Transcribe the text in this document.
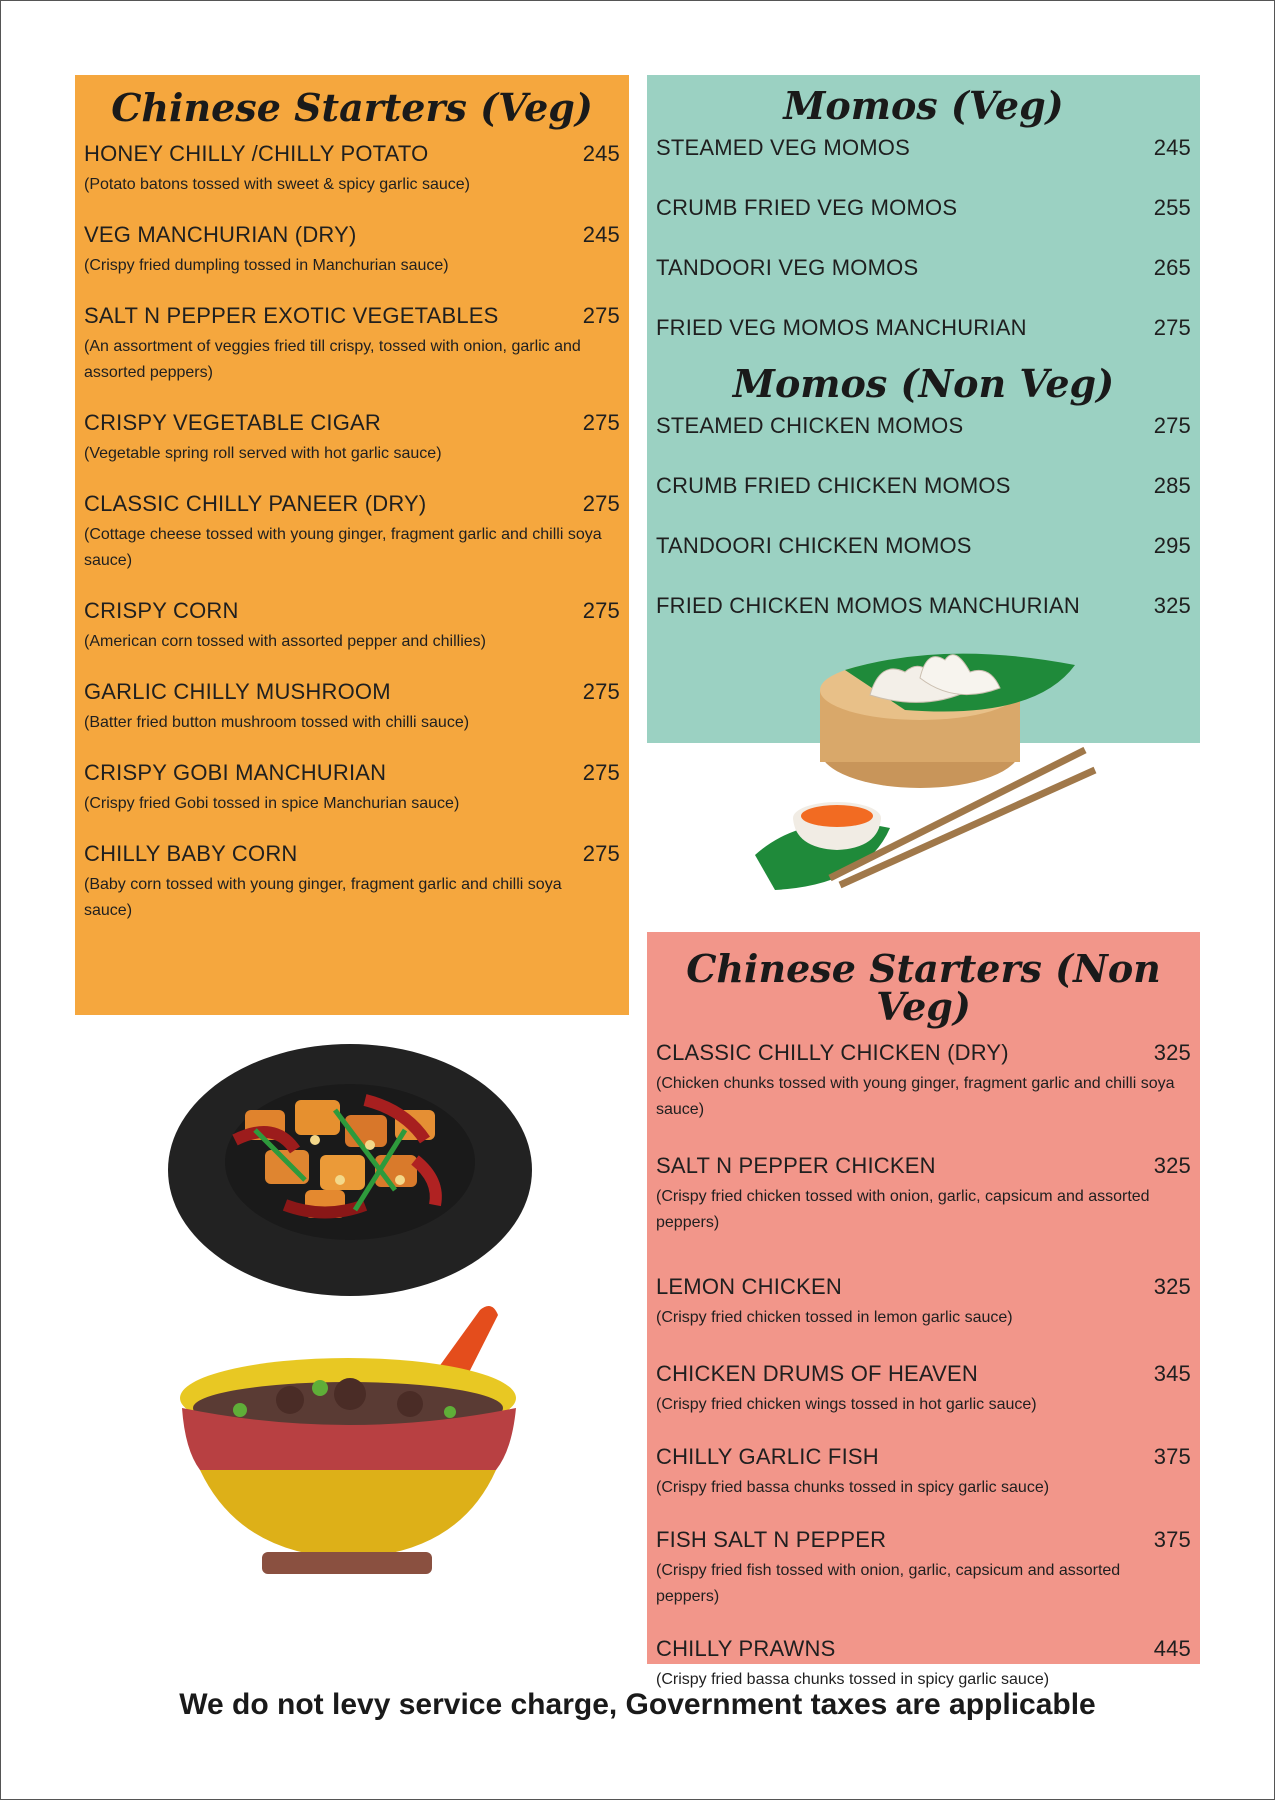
Chinese Starters (Veg)
HONEY CHILLY /CHILLY POTATO	245
(Potato batons tossed with sweet & spicy garlic sauce)
VEG MANCHURIAN (DRY)	245
(Crispy fried dumpling tossed in Manchurian sauce)
SALT N PEPPER EXOTIC VEGETABLES	275
(An assortment of veggies fried till crispy, tossed with onion, garlic and assorted peppers)
CRISPY VEGETABLE CIGAR	275
(Vegetable spring roll served with hot garlic sauce)
CLASSIC CHILLY PANEER (DRY)	275
(Cottage cheese tossed with young ginger, fragment garlic and chilli soya sauce)
CRISPY CORN	275
(American corn tossed with assorted pepper and chillies)
GARLIC CHILLY MUSHROOM	275
(Batter fried button mushroom tossed with chilli sauce)
CRISPY GOBI MANCHURIAN	275
(Crispy fried Gobi tossed in spice Manchurian sauce)
CHILLY BABY CORN	275
(Baby corn tossed with young ginger, fragment garlic and chilli soya sauce)
Momos (Veg)
STEAMED VEG MOMOS	245
CRUMB FRIED VEG MOMOS	255
TANDOORI VEG MOMOS	265
FRIED VEG MOMOS MANCHURIAN	275
Momos (Non Veg)
STEAMED CHICKEN MOMOS	275
CRUMB FRIED CHICKEN MOMOS	285
TANDOORI CHICKEN MOMOS	295
FRIED CHICKEN MOMOS MANCHURIAN	325
Chinese Starters (Non Veg)
CLASSIC CHILLY CHICKEN (DRY)	325
(Chicken chunks tossed with young ginger, fragment garlic and chilli soya sauce)
SALT N PEPPER CHICKEN	325
(Crispy fried chicken tossed with onion, garlic, capsicum and assorted peppers)
LEMON CHICKEN	325
(Crispy fried chicken tossed in lemon garlic sauce)
CHICKEN DRUMS OF HEAVEN	345
(Crispy fried chicken wings tossed in hot garlic sauce)
CHILLY GARLIC FISH	375
(Crispy fried bassa chunks tossed in spicy garlic sauce)
FISH SALT N PEPPER	375
(Crispy fried fish tossed with onion, garlic, capsicum and assorted peppers)
CHILLY PRAWNS	445
(Crispy fried bassa chunks tossed in spicy garlic sauce)
We do not levy service charge, Government taxes are applicable
